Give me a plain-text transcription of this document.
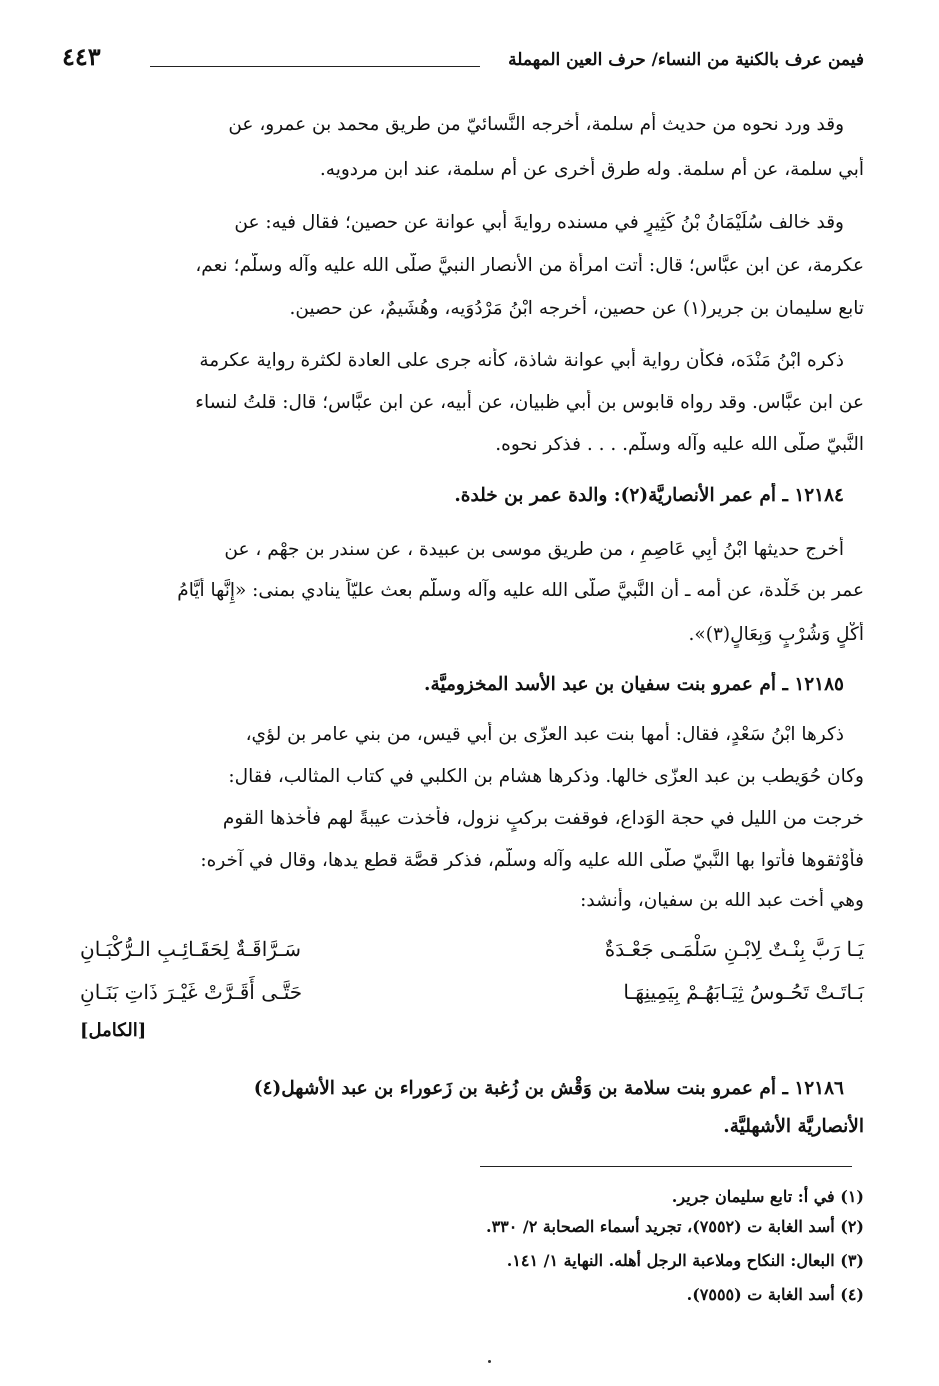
فيمن عرف بالكنية من النساء/ حرف العين المهملة
٤٤٣
وقد ورد نحوه من حديث أم سلمة، أخرجه النَّسائيّ من طريق محمد بن عمرو، عن
أبي سلمة، عن أم سلمة. وله طرق أخرى عن أم سلمة، عند ابن مردويه.
وقد خالف سُلَيْمَانُ بْنُ كَثِيرٍ في مسنده روايةَ أبي عوانة عن حصين؛ فقال فيه: عن
عكرمة، عن ابن عبَّاس؛ قال: أتت امرأة من الأنصار النبيَّ صلَّى الله عليه وآله وسلَّم؛ نعم،
تابع سليمان بن جرير(١) عن حصين، أخرجه ابْنُ مَرْدُوَيه، وهُشَيمٌ، عن حصين.
ذكره ابْنُ مَنْدَه، فكأن رواية أبي عوانة شاذة، كأنه جرى على العادة لكثرة رواية عكرمة
عن ابن عبَّاس. وقد رواه قابوس بن أبي ظبيان، عن أبيه، عن ابن عبَّاس؛ قال: قلتُ لنساء
النَّبيّ صلَّى الله عليه وآله وسلَّم. . . . فذكر نحوه.
١٢١٨٤ ـ أم عمر الأنصاريَّة(٢): والدة عمر بن خلدة.
أخرج حديثها ابْنُ أَبِي عَاصِمٍ ، من طريق موسى بن عبيدة ، عن سندر بن جهْم ، عن
عمر بن خَلْدة، عن أمه ـ أن النَّبيَّ صلَّى الله عليه وآله وسلَّم بعث عليّاً ينادي بمنى: «إِنَّها أَيَّامُ
أَكْلٍ وَشُرْبٍ وَبِعَالٍ(٣)».
١٢١٨٥ ـ أم عمرو بنت سفيان بن عبد الأسد المخزوميَّة.
ذكرها ابْنُ سَعْدٍ، فقال: أمها بنت عبد العزّى بن أبي قيس، من بني عامر بن لؤي،
وكان حُوَيطب بن عبد العزّى خالها. وذكرها هشام بن الكلبي في كتاب المثالب، فقال:
خرجت من الليل في حجة الوَداع، فوقفت بركبٍ نزول، فأخذت عيبةً لهم فأخذها القوم
فأوْثقوها فأتوا بها النَّبيّ صلَّى الله عليه وآله وسلَّم، فذكر قصَّة قطع يدها، وقال في آخره:
وهي أخت عبد الله بن سفيان، وأنشد:
يَـا رَبَّ بِنْـتٌ لِابْـنِ سَلْمَـى جَعْـدَةٌ
سَـرَّاقَـةٌ لِحَقَـائِـبِ الـرُّكْبَـانِ
بَـاتَـتْ تَحُـوسُ ثِيَـابَهُـمْ بِيَمِينِهَـا
حَتَّـى أَقَـرَّتْ غَيْـرَ ذَاتِ بَنَـانِ
[الكامل]
١٢١٨٦ ـ أم عمرو بنت سلامة بن وَقْش بن زُغبة بن زَعوراء بن عبد الأشهل(٤)
الأنصاريَّة الأشهليَّة.
(١) في أ: تابع سليمان جرير.
(٢) أسد الغابة ت (٧٥٥٢)، تجريد أسماء الصحابة ٢/ ٣٣٠.
(٣) البعال: النكاح وملاعبة الرجل أهله. النهاية ١/ ١٤١.
(٤) أسد الغابة ت (٧٥٥٥).
